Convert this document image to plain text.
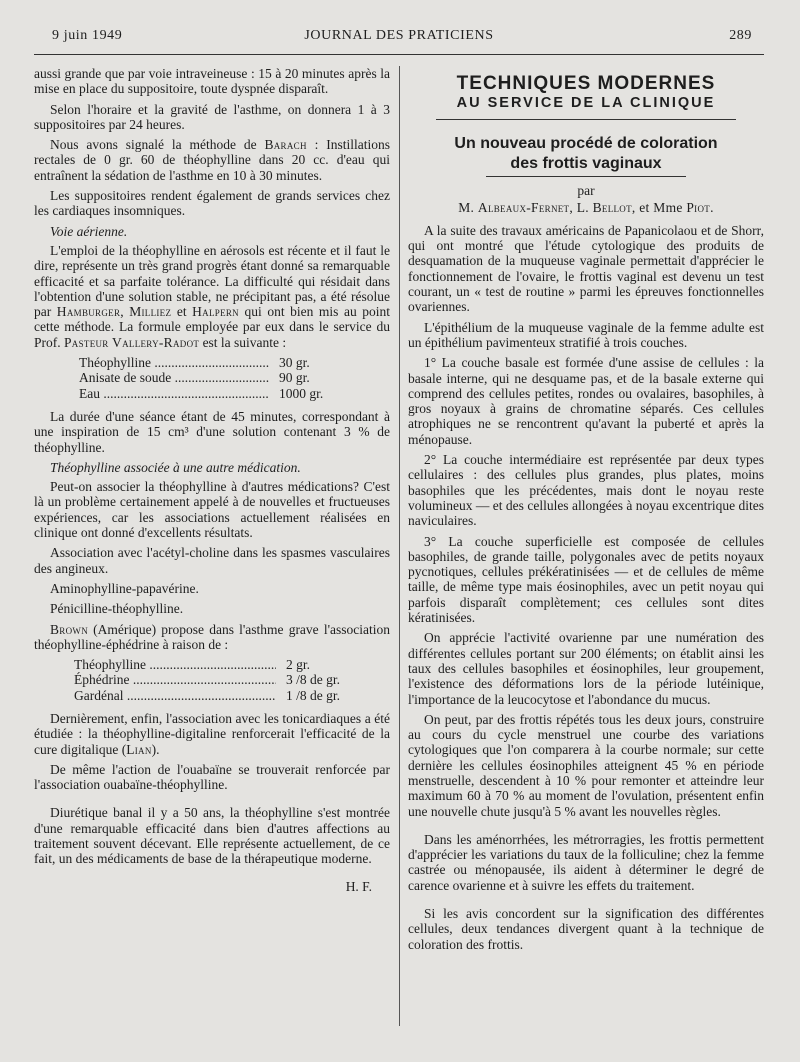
9 juin 1949	JOURNAL DES PRATICIENS	289

aussi grande que par voie intraveineuse : 15 à 20 minutes après la mise en place du suppositoire, toute dyspnée disparaît.

Selon l'horaire et la gravité de l'asthme, on donnera 1 à 3 suppositoires par 24 heures.

Nous avons signalé la méthode de Barach : Instillations rectales de 0 gr. 60 de théophylline dans 20 cc. d'eau qui entraînent la sédation de l'asthme en 10 à 30 minutes.

Les suppositoires rendent également de grands services chez les cardiaques insomniques.

Voie aérienne.

L'emploi de la théophylline en aérosols est récente et il faut le dire, représente un très grand progrès étant donné sa remarquable efficacité et sa parfaite tolérance. La difficulté qui résidait dans l'obtention d'une solution stable, ne précipitant pas, a été résolue par Hamburger, Milliez et Halpern qui ont bien mis au point cette méthode. La formule employée par eux dans le service du Prof. Pasteur Vallery-Radot est la suivante :

Théophylline .....	30 gr.
Anisate de soude .....	90 gr.
Eau .....	1000 gr.

La durée d'une séance étant de 45 minutes, correspondant à une inspiration de 15 cm³ d'une solution contenant 3 % de théophylline.

Théophylline associée à une autre médication.

Peut-on associer la théophylline à d'autres médications? C'est là un problème certainement appelé à de nouvelles et fructueuses expériences, car les associations actuellement réalisées en clinique ont donné d'excellents résultats.

Association avec l'acétyl-choline dans les spasmes vasculaires des angineux.

Aminophylline-papavérine.

Pénicilline-théophylline.

Brown (Amérique) propose dans l'asthme grave l'association théophylline-éphédrine à raison de :

Théophylline .....	2 gr.
Éphédrine .....	3 /8 de gr.
Gardénal .....	1 /8 de gr.

Dernièrement, enfin, l'association avec les tonicardiaques a été étudiée : la théophylline-digitaline renforcerait l'efficacité de la cure digitalique (Lian).

De même l'action de l'ouabaïne se trouverait renforcée par l'association ouabaïne-théophylline.

Diurétique banal il y a 50 ans, la théophylline s'est montrée d'une remarquable efficacité dans bien d'autres affections au traitement souvent décevant. Elle représente actuellement, de ce fait, un des médicaments de base de la thérapeutique moderne.

H. F.

TECHNIQUES MODERNES
AU SERVICE DE LA CLINIQUE
Un nouveau procédé de coloration
des frottis vaginaux
par
M. Albeaux-Fernet, L. Bellot, et Mme Piot.

A la suite des travaux américains de Papanicolaou et de Shorr, qui ont montré que l'étude cytologique des produits de desquamation de la muqueuse vaginale permettait d'apprécier le fonctionnement de l'ovaire, le frottis vaginal est devenu un test courant, un « test de routine » parmi les épreuves fonctionnelles ovariennes.

L'épithélium de la muqueuse vaginale de la femme adulte est un épithélium pavimenteux stratifié à trois couches.

1° La couche basale est formée d'une assise de cellules : la basale interne, qui ne desquame pas, et de la basale externe qui comprend des cellules petites, rondes ou ovalaires, basophiles, à gros noyaux à grains de chromatine séparés. Ces cellules atrophiques ne se rencontrent qu'avant la puberté et après la ménopause.

2° La couche intermédiaire est représentée par deux types cellulaires : des cellules plus grandes, plus plates, moins basophiles que les précédentes, mais dont le noyau reste volumineux — et des cellules allongées à noyau excentrique dites naviculaires.

3° La couche superficielle est composée de cellules basophiles, de grande taille, polygonales avec de petits noyaux pycnotiques, cellules prékératinisées — et de cellules de même taille, de même type mais éosinophiles, avec un petit noyau qui parfois disparaît complètement; ces cellules sont dites kératinisées.

On apprécie l'activité ovarienne par une numération des différentes cellules portant sur 200 éléments; on établit ainsi les taux des cellules basophiles et éosinophiles, leur groupement, l'existence des déformations lors de la période lutéinique, l'importance de la leucocytose et l'abondance du mucus.

On peut, par des frottis répétés tous les deux jours, construire au cours du cycle menstruel une courbe des variations cytologiques que l'on comparera à la courbe normale; sur cette dernière les cellules éosinophiles atteignent 45 % en période menstruelle, descendent à 10 % pour remonter et atteindre leur maximum 60 à 70 % au moment de l'ovulation, présentent enfin une nouvelle chute jusqu'à 5 % avant les nouvelles règles.

Dans les aménorrhées, les métrorragies, les frottis permettent d'apprécier les variations du taux de la folliculine; chez la femme castrée ou ménopausée, ils aident à déterminer le degré de carence ovarienne et à suivre les effets du traitement.

Si les avis concordent sur la signification des différentes cellules, deux tendances divergent quant à la technique de coloration des frottis.
